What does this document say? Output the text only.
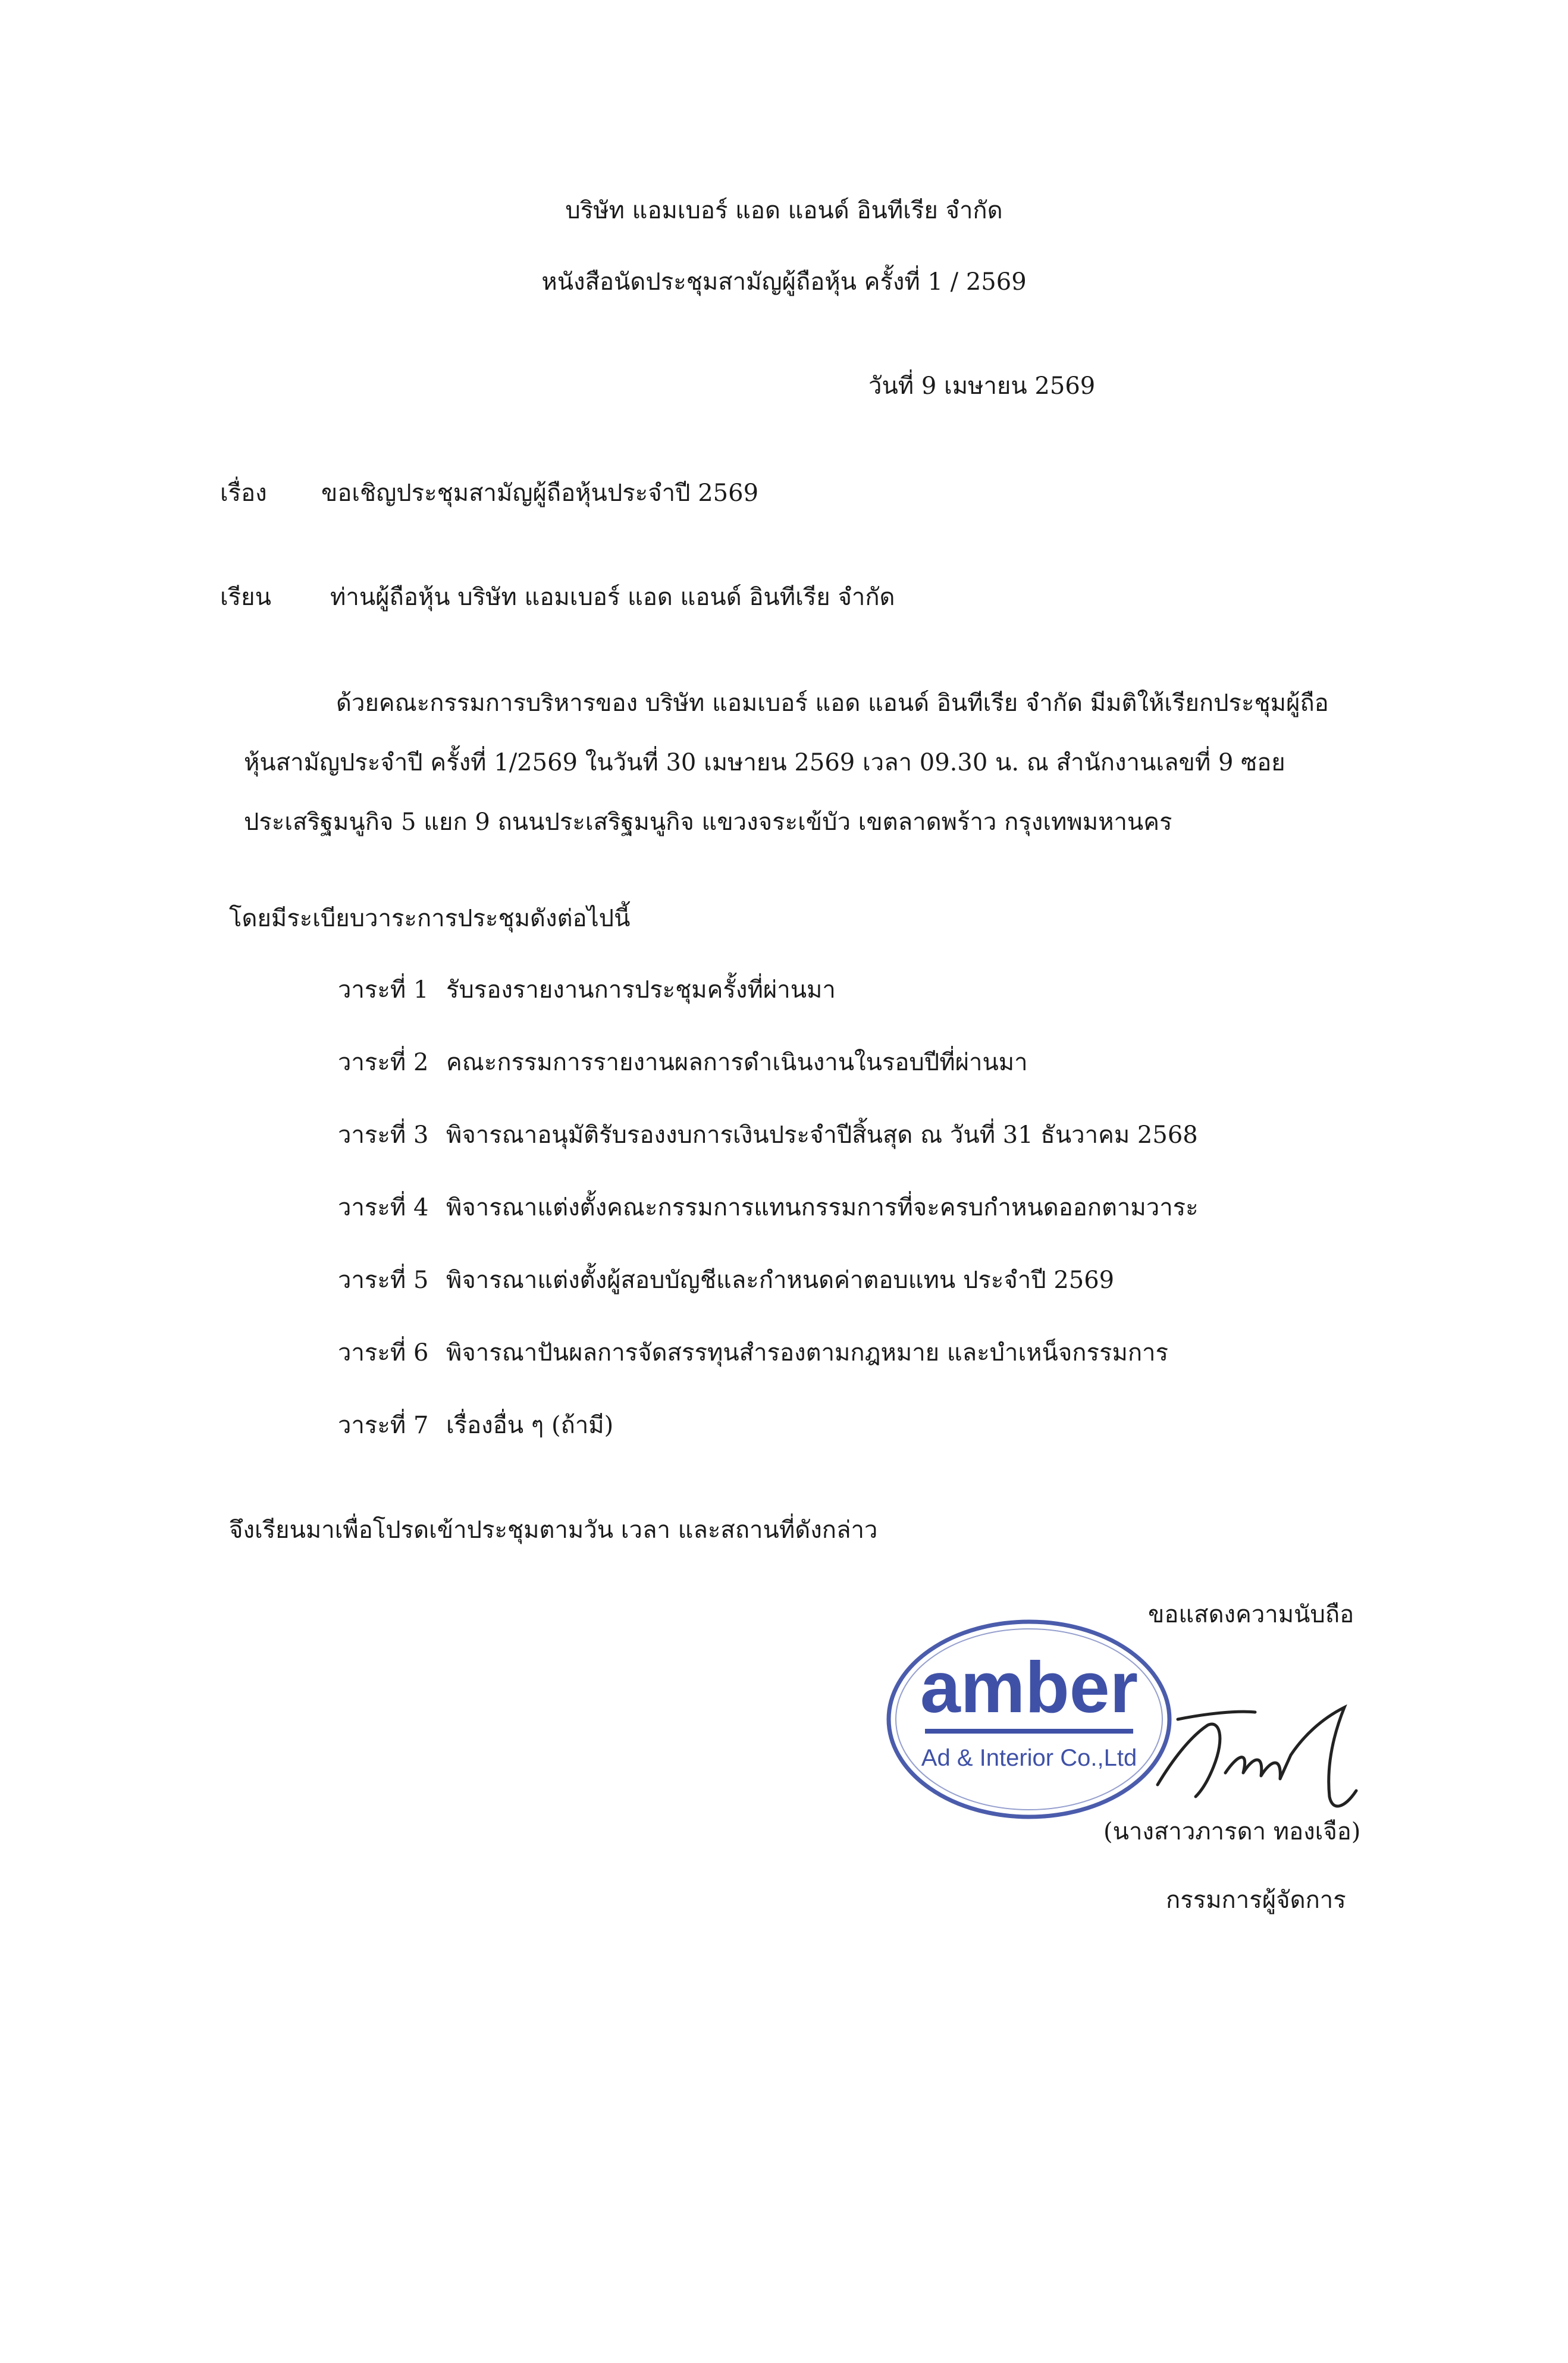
บริษัท แอมเบอร์ แอด แอนด์ อินทีเรีย จำกัด
หนังสือนัดประชุมสามัญผู้ถือหุ้น ครั้งที่ 1 / 2569
วันที่ 9 เมษายน 2569
เรื่อง ขอเชิญประชุมสามัญผู้ถือหุ้นประจำปี 2569
เรียน ท่านผู้ถือหุ้น บริษัท แอมเบอร์ แอด แอนด์ อินทีเรีย จำกัด
ด้วยคณะกรรมการบริหารของ บริษัท แอมเบอร์ แอด แอนด์ อินทีเรีย จำกัด มีมติให้เรียกประชุมผู้ถือ
หุ้นสามัญประจำปี ครั้งที่ 1/2569 ในวันที่ 30 เมษายน 2569 เวลา 09.30 น. ณ สำนักงานเลขที่ 9 ซอย
ประเสริฐมนูกิจ 5 แยก 9 ถนนประเสริฐมนูกิจ แขวงจระเข้บัว เขตลาดพร้าว กรุงเทพมหานคร
โดยมีระเบียบวาระการประชุมดังต่อไปนี้
วาระที่ 1 รับรองรายงานการประชุมครั้งที่ผ่านมา
วาระที่ 2 คณะกรรมการรายงานผลการดำเนินงานในรอบปีที่ผ่านมา
วาระที่ 3 พิจารณาอนุมัติรับรองงบการเงินประจำปีสิ้นสุด ณ วันที่ 31 ธันวาคม 2568
วาระที่ 4 พิจารณาแต่งตั้งคณะกรรมการแทนกรรมการที่จะครบกำหนดออกตามวาระ
วาระที่ 5 พิจารณาแต่งตั้งผู้สอบบัญชีและกำหนดค่าตอบแทน ประจำปี 2569
วาระที่ 6 พิจารณาปันผลการจัดสรรทุนสำรองตามกฎหมาย และบำเหน็จกรรมการ
วาระที่ 7 เรื่องอื่น ๆ (ถ้ามี)
จึงเรียนมาเพื่อโปรดเข้าประชุมตามวัน เวลา และสถานที่ดังกล่าว
ขอแสดงความนับถือ
amber
Ad & Interior Co.,Ltd
(นางสาวภารดา ทองเจือ)
กรรมการผู้จัดการ
